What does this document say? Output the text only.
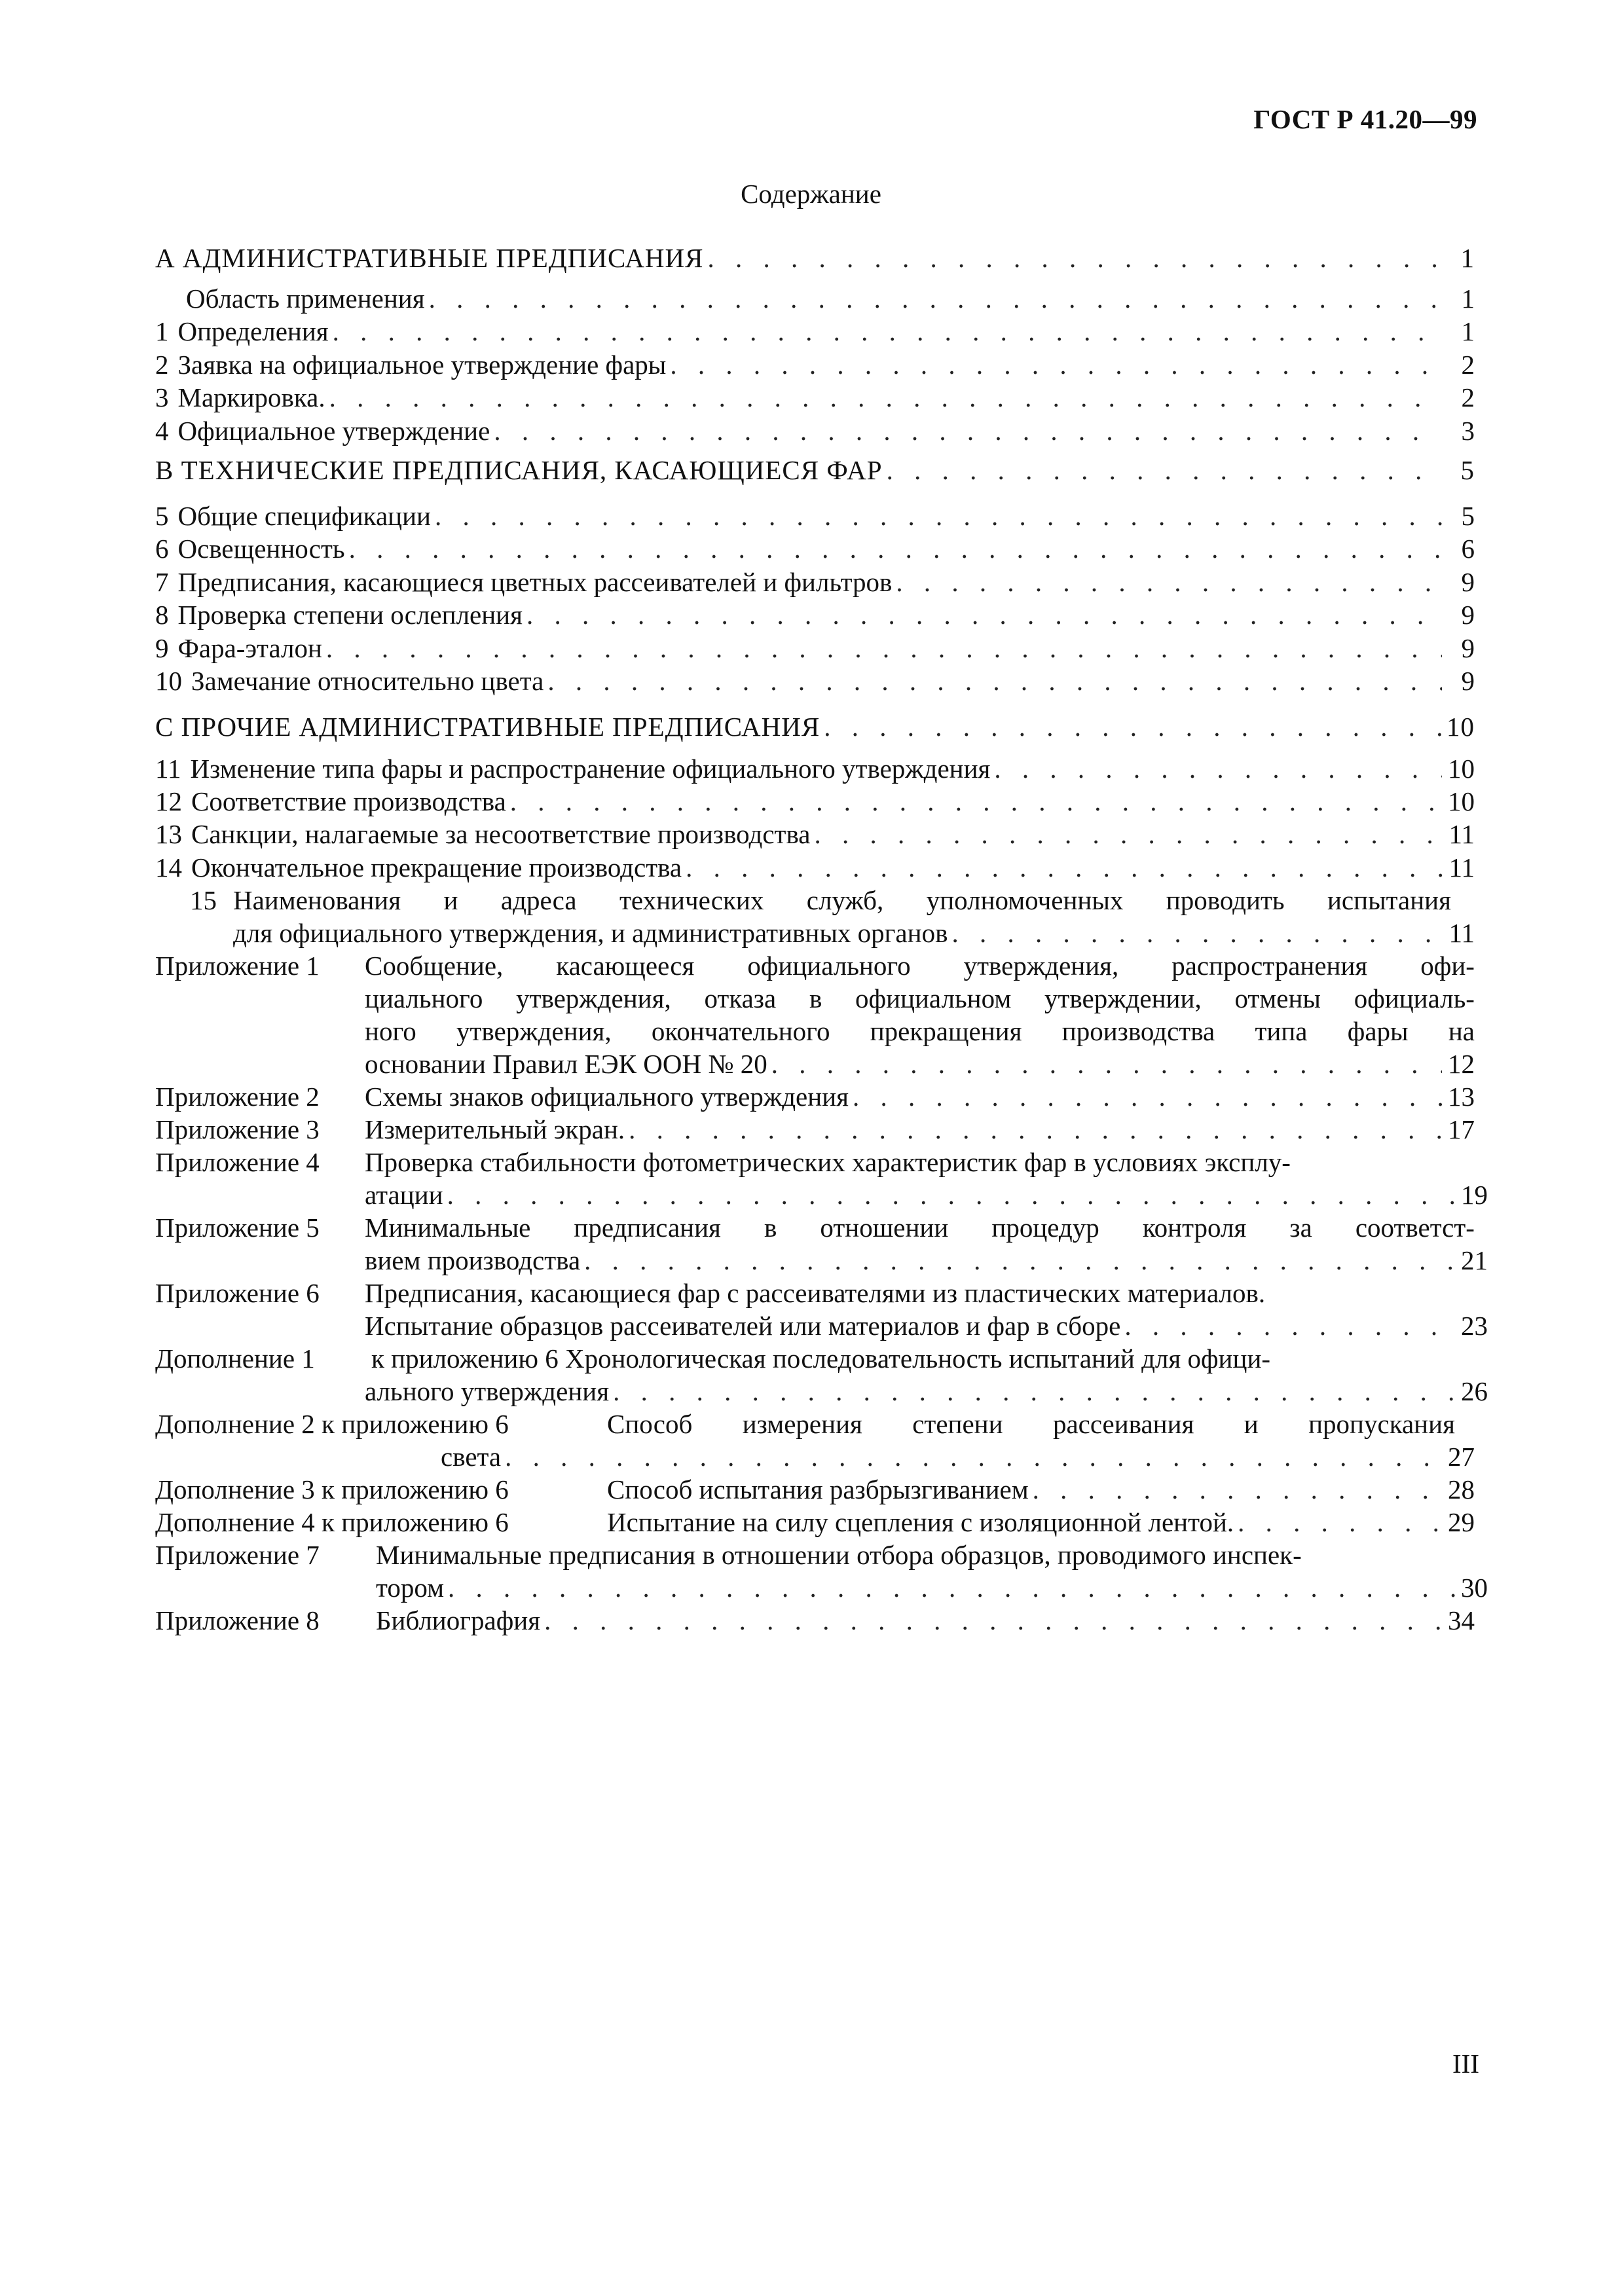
ГОСТ Р 41.20—99
Содержание
А АДМИНИСТРАТИВНЫЕ ПРЕДПИСАНИЯ . . .	1
Область применения . . .	1
1 Определения . . .	1
2 Заявка на официальное утверждение фары . . .	2
3 Маркировка. . . .	2
4 Официальное утверждение . . .	3
В ТЕХНИЧЕСКИЕ ПРЕДПИСАНИЯ, КАСАЮЩИЕСЯ ФАР . . .	5
5 Общие спецификации . . .	5
6 Освещенность . . .	6
7 Предписания, касающиеся цветных рассеивателей и фильтров . . .	9
8 Проверка степени ослепления . . .	9
9 Фара-эталон . . .	9
10 Замечание относительно цвета . . .	9
С ПРОЧИЕ АДМИНИСТРАТИВНЫЕ ПРЕДПИСАНИЯ . . .	10
11 Изменение типа фары и распространение официального утверждения . . .	10
12 Соответствие производства . . .	10
13 Санкции, налагаемые за несоответствие производства . . .	11
14 Окончательное прекращение производства . . .	11
15 Наименования и адреса технических служб, уполномоченных проводить испытания
для официального утверждения, и административных органов . . .	11
Приложение 1 Сообщение, касающееся официального утверждения, распространения офи-
циального утверждения, отказа в официальном утверждении, отмены официаль-
ного утверждения, окончательного прекращения производства типа фары на
основании Правил ЕЭК ООН № 20 . . .	12
Приложение 2 Схемы знаков официального утверждения . . .	13
Приложение 3 Измерительный экран. . . .	17
Приложение 4 Проверка стабильности фотометрических характеристик фар в условиях эксплу-
атации . . .	19
Приложение 5 Минимальные предписания в отношении процедур контроля за соответст-
вием производства . . .	21
Приложение 6 Предписания, касающиеся фар с рассеивателями из пластических материалов.
Испытание образцов рассеивателей или материалов и фар в сборе . . .	23
Дополнение 1 к приложению 6 Хронологическая последовательность испытаний для офици-
ального утверждения . . .	26
Дополнение 2 к приложению 6	Способ измерения степени рассеивания и пропускания
света . . .	27
Дополнение 3 к приложению 6	Способ испытания разбрызгиванием . . .	28
Дополнение 4 к приложению 6	Испытание на силу сцепления с изоляционной лентой. . . .	29
Приложение 7 Минимальные предписания в отношении отбора образцов, проводимого инспек-
тором . . .	30
Приложение 8 Библиография . . .	34
III
